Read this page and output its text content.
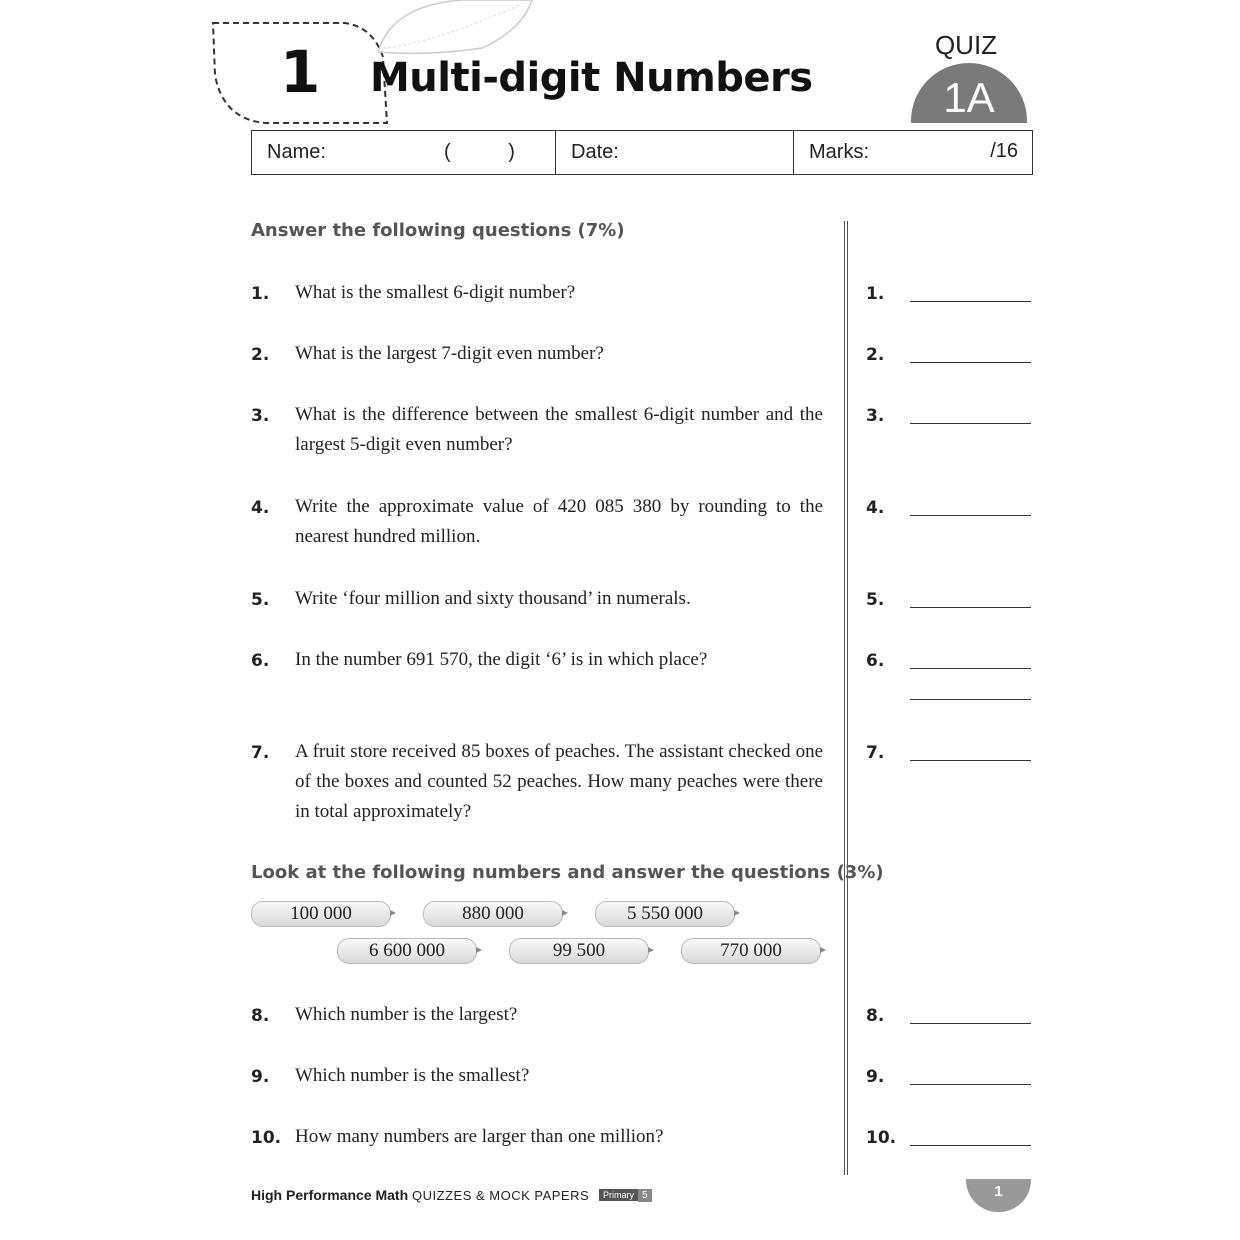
1 Multi-digit Numbers
QUIZ
1A
Name:	( ) Date:	Marks:	/16
Answer the following questions (7%)
1. What is the smallest 6-digit number?
2. What is the largest 7-digit even number?
3. What is the difference between the smallest 6-digit number and the largest 5-digit even number?
4. Write the approximate value of 420 085 380 by rounding to the nearest hundred million.
5. Write ‘four million and sixty thousand’ in numerals.
6. In the number 691 570, the digit ‘6’ is in which place?
7. A fruit store received 85 boxes of peaches. The assistant checked one of the boxes and counted 52 peaches. How many peaches were there in total approximately?
Look at the following numbers and answer the questions (3%)
100 000	880 000	5 550 000
6 600 000	99 500	770 000
8. Which number is the largest?
9. Which number is the smallest?
10. How many numbers are larger than one million?
1.
2.
3.
4.
5.
6.
7.
8.
9.
10.
High Performance Math QUIZZES & MOCK PAPERS Primary 5	1
